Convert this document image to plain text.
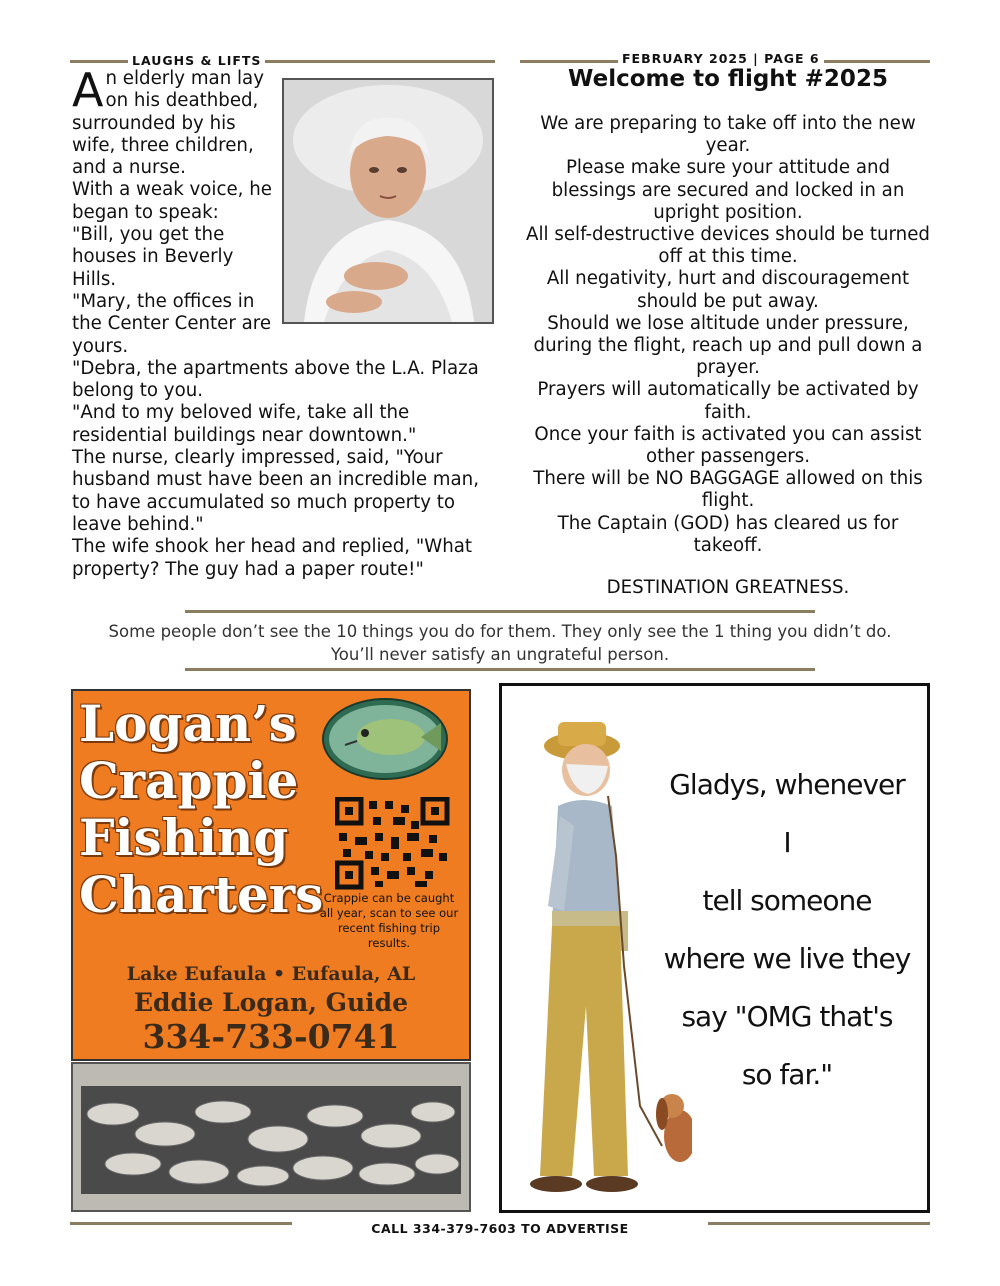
LAUGHS & LIFTS	FEBRUARY 2025 | PAGE 6

An elderly man lay on his deathbed, surrounded by his wife, three children, and a nurse.

With a weak voice, he began to speak:

"Bill, you get the houses in Beverly Hills.

"Mary, the offices in the Center Center are yours.

"Debra, the apartments above the L.A. Plaza belong to you.

"And to my beloved wife, take all the residential buildings near downtown."

The nurse, clearly impressed, said, "Your husband must have been an incredible man, to have accumulated so much property to leave behind."

The wife shook her head and replied, "What property? The guy had a paper route!"

Welcome to flight #2025

We are preparing to take off into the new year.

Please make sure your attitude and blessings are secured and locked in an upright position.

All self-destructive devices should be turned off at this time.

All negativity, hurt and discouragement should be put away.

Should we lose altitude under pressure, during the flight, reach up and pull down a prayer.

Prayers will automatically be activated by faith.

Once your faith is activated you can assist other passengers.

There will be NO BAGGAGE allowed on this flight.

The Captain (GOD) has cleared us for takeoff.

DESTINATION GREATNESS.

Some people don’t see the 10 things you do for them. They only see the 1 thing you didn’t do.
You’ll never satisfy an ungrateful person.
Logan’s
Crappie
Fishing
Charters Crappie can be caught all year, scan to see our recent fishing trip results.
Lake Eufaula • Eufaula, AL
Eddie Logan, Guide
334-733-0741
Gladys, whenever I
tell someone
where we live they
say "OMG that's
so far."
CALL 334-379-7603 TO ADVERTISE
